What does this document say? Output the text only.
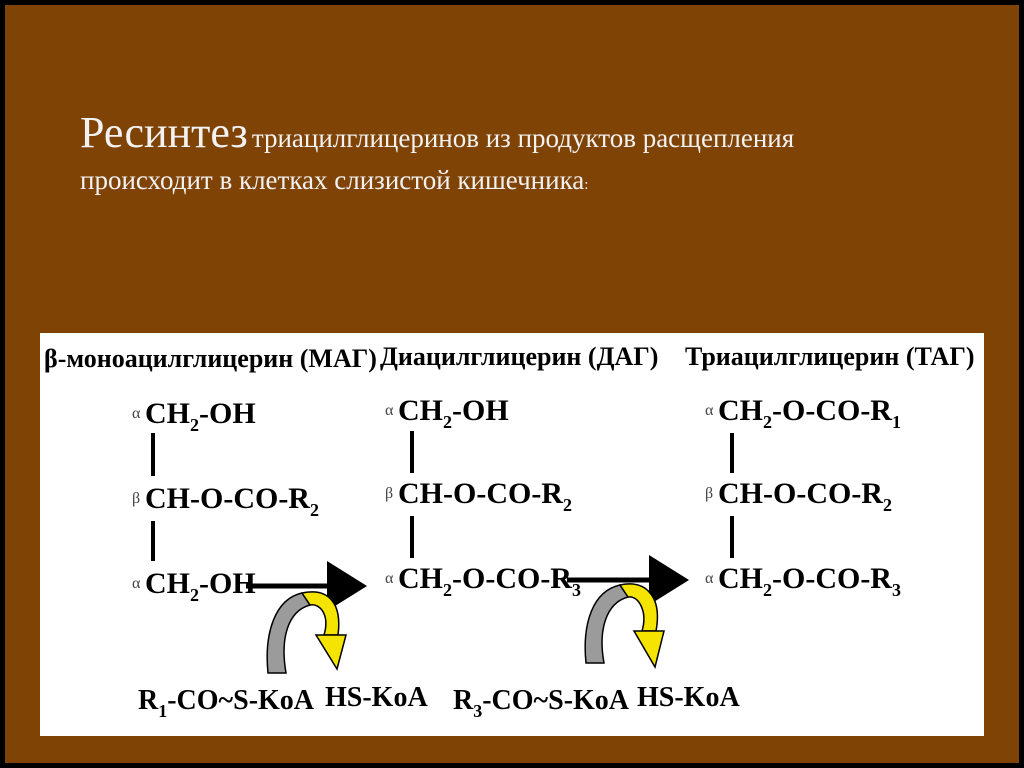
Ресинтез триацилглицеринов из продуктов расщепления
происходит в клетках слизистой кишечника:
β-моноацилглицерин (МАГ) Диацилглицерин (ДАГ) Триацилглицерин (ТАГ)
α $CH_2-OH$
β $CH-O-CO-R_2$
α $CH_2-OH$
α $CH_2-OH$
β $CH-O-CO-R_2$
α $CH_2-O-CO-R_3$
α $CH_2-O-CO-R_1$
β $CH-O-CO-R_2$
α $CH_2-O-CO-R_3$
$R_1-CO\sim S$-KoA HS-KoA $R_3-CO\sim S$-KoA HS-KoA
